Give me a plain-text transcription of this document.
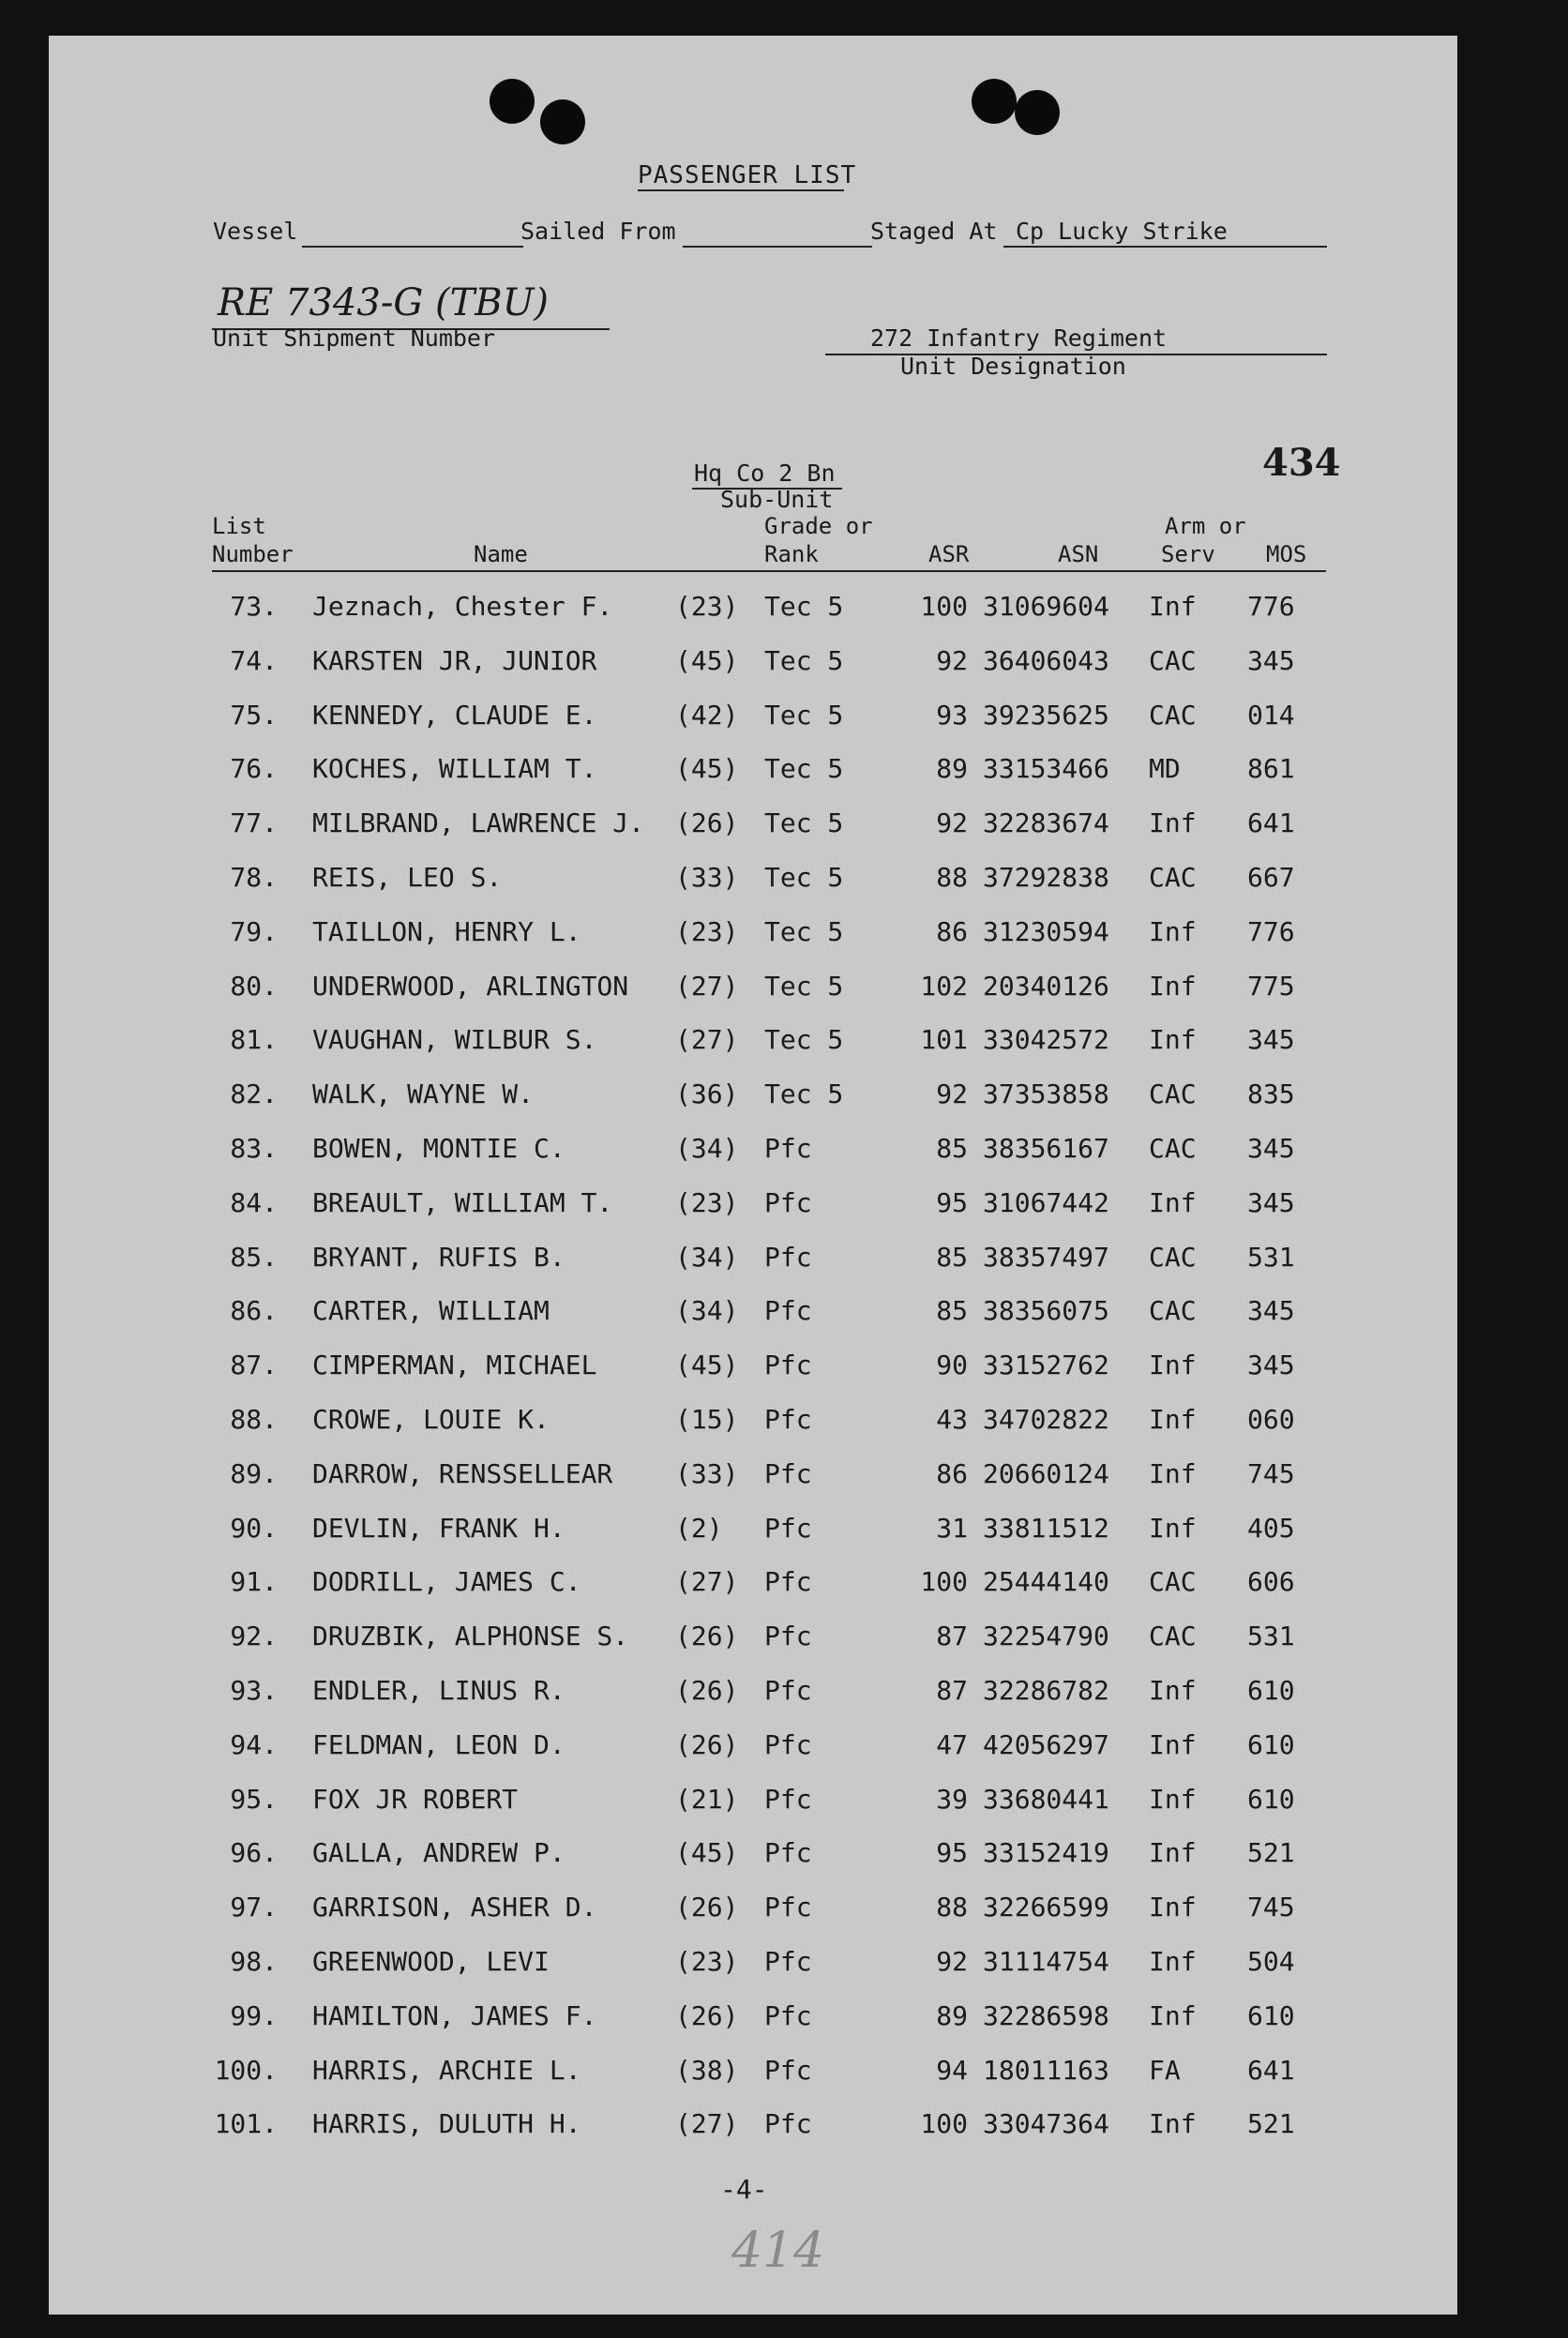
PASSENGER LIST
Vessel	Sailed From	Staged At Cp Lucky Strike
RE 7343-G (TBU)
Unit Shipment Number	272 Infantry Regiment
Unit Designation
434
Hq Co 2 Bn
Sub-Unit
List
Number	Name
Grade or
Rank	ASR	ASN
Arm or
Serv	MOS
73. Jeznach, Chester F. (23) Tec 5	100 31069604 Inf 776
74. KARSTEN JR, JUNIOR	(45) Tec 5	92 36406043 CAC 345
75. KENNEDY, CLAUDE E.	(42) Tec 5	93 39235625 CAC 014
76. KOCHES, WILLIAM T.	(45) Tec 5	89 33153466 MD	861
77. MILBRAND, LAWRENCE J. (26) Tec 5	92 32283674 Inf 641
78. REIS, LEO S.	(33) Tec 5	88 37292838 CAC 667
79. TAILLON, HENRY L.	(23) Tec 5	86 31230594 Inf 776
80. UNDERWOOD, ARLINGTON (27) Tec 5	102 20340126 Inf 775
81. VAUGHAN, WILBUR S.	(27) Tec 5	101 33042572 Inf 345
82. WALK, WAYNE W.	(36) Tec 5	92 37353858 CAC 835
83. BOWEN, MONTIE C.	(34) Pfc	85 38356167 CAC 345
84. BREAULT, WILLIAM T. (23) Pfc	95 31067442 Inf 345
85. BRYANT, RUFIS B.	(34) Pfc	85 38357497 CAC 531
86. CARTER, WILLIAM	(34) Pfc	85 38356075 CAC 345
87. CIMPERMAN, MICHAEL	(45) Pfc	90 33152762 Inf 345
88. CROWE, LOUIE K.	(15) Pfc	43 34702822 Inf 060
89. DARROW, RENSSELLEAR (33) Pfc	86 20660124 Inf 745
90. DEVLIN, FRANK H.	(2) Pfc	31 33811512 Inf 405
91. DODRILL, JAMES C.	(27) Pfc	100 25444140 CAC 606
92. DRUZBIK, ALPHONSE S. (26) Pfc	87 32254790 CAC 531
93. ENDLER, LINUS R.	(26) Pfc	87 32286782 Inf 610
94. FELDMAN, LEON D.	(26) Pfc	47 42056297 Inf 610
95. FOX JR ROBERT	(21) Pfc	39 33680441 Inf 610
96. GALLA, ANDREW P.	(45) Pfc	95 33152419 Inf 521
97. GARRISON, ASHER D.	(26) Pfc	88 32266599 Inf 745
98. GREENWOOD, LEVI	(23) Pfc	92 31114754 Inf 504
99. HAMILTON, JAMES F.	(26) Pfc	89 32286598 Inf 610
100. HARRIS, ARCHIE L.	(38) Pfc	94 18011163 FA	641
101. HARRIS, DULUTH H.	(27) Pfc	100 33047364 Inf 521
-4-
414
